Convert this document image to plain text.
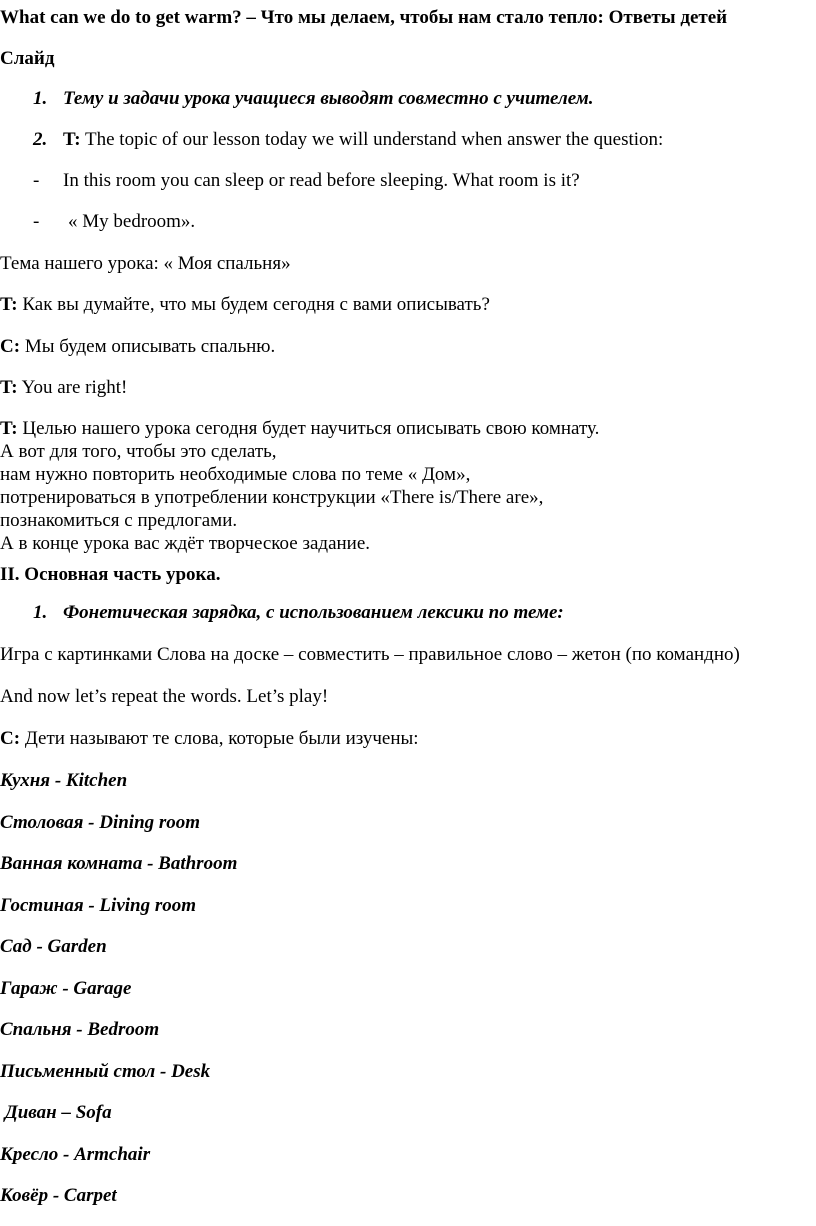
What can we do to get warm? – Что мы делаем, чтобы нам стало тепло: Ответы детей
Слайд
1. Тему и задачи урока учащиеся выводят совместно с учителем.
2. T: The topic of our lesson today we will understand when answer the question:
- In this room you can sleep or read before sleeping. What room is it?
- « My bedroom».
Тема нашего урока: « Моя спальня»
T: Как вы думайте, что мы будем сегодня с вами описывать?
C: Мы будем описывать спальню.
T: You are right!
T: Целью нашего урока сегодня будет научиться описывать свою комнату.
А вот для того, чтобы это сделать,
нам нужно повторить необходимые слова по теме « Дом»,
потренироваться в употреблении конструкции «There is/There are»,
познакомиться с предлогами.
А в конце урока вас ждёт творческое задание.
II. Основная часть урока.
1. Фонетическая зарядка, с использованием лексики по теме:
Игра с картинками Слова на доске – совместить – правильное слово – жетон (по командно)
And now let’s repeat the words. Let’s play!
C: Дети называют те слова, которые были изучены:
Кухня - Kitchen
Столовая - Dining room
Ванная комната - Bathroom
Гостиная - Living room
Сад - Garden
Гараж - Garage
Спальня - Bedroom
Письменный стол - Desk
Диван – Sofa
Кресло - Armchair
Ковёр - Carpet
